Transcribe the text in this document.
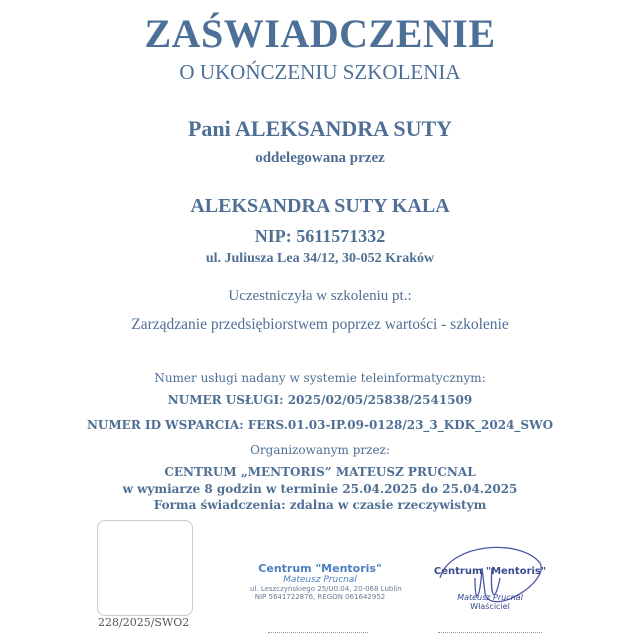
ZAŚWIADCZENIE
O UKOŃCZENIU SZKOLENIA
Pani ALEKSANDRA SUTY
oddelegowana przez
ALEKSANDRA SUTY KALA
NIP: 5611571332
ul. Juliusza Lea 34/12, 30-052 Kraków
Uczestniczyła w szkoleniu pt.:
Zarządzanie przedsiębiorstwem poprzez wartości - szkolenie
Numer usługi nadany w systemie teleinformatycznym:
NUMER USŁUGI: 2025/02/05/25838/2541509
NUMER ID WSPARCIA: FERS.01.03-IP.09-0128/23_3_KDK_2024_SWO
Organizowanym przez:
CENTRUM „MENTORIS” MATEUSZ PRUCNAL
w wymiarze 8 godzin w terminie 25.04.2025 do 25.04.2025
Forma świadczenia: zdalna w czasie rzeczywistym
228/2025/SWO2
Centrum "Mentoris"
Mateusz Prucnal
ul. Leszczyńskiego 25/U0.04, 20-068 Lublin
NIP 5641722876, REGON 061642952
Centrum "Mentoris"
Mateusz Prucnal
Właściciel
